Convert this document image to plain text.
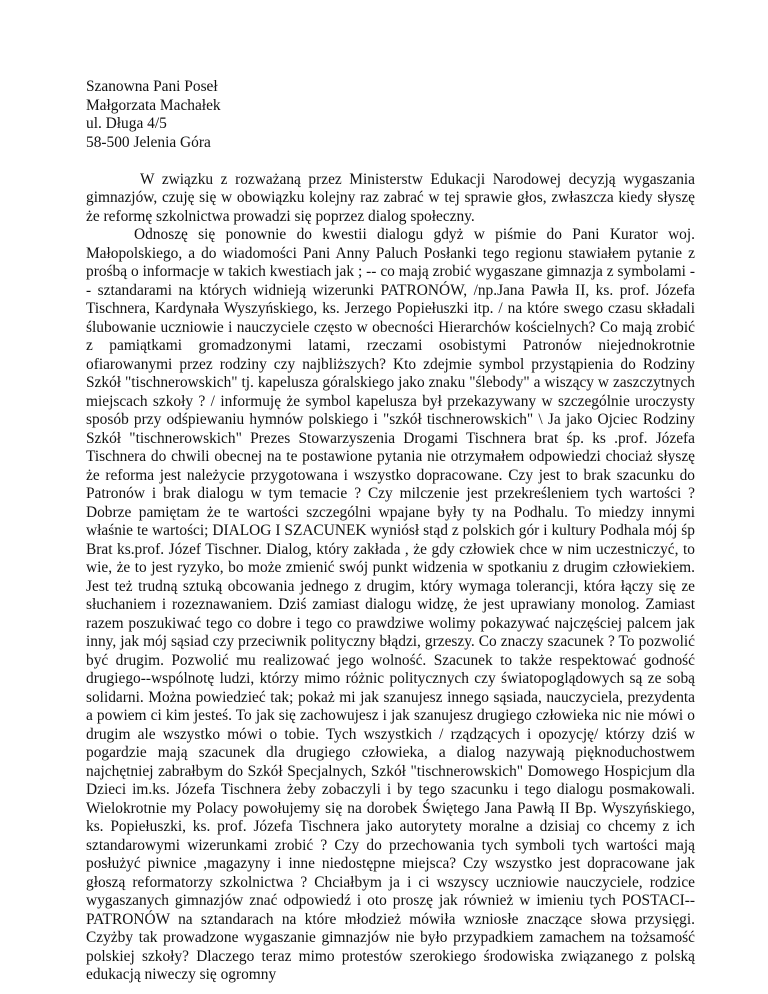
Szanowna Pani Poseł
Małgorzata Machałek
ul. Długa 4/5
58-500 Jelenia Góra

W związku z rozważaną przez Ministerstw Edukacji Narodowej decyzją wygaszania gimnazjów, czuję się w obowiązku kolejny raz zabrać w tej sprawie głos, zwłaszcza kiedy słyszę że reformę szkolnictwa prowadzi się poprzez dialog społeczny.

Odnoszę się ponownie do kwestii dialogu gdyż w piśmie do Pani Kurator woj. Małopolskiego, a do wiadomości Pani Anny Paluch Posłanki tego regionu stawiałem pytanie z prośbą o informacje w takich kwestiach jak ; -- co mają zrobić wygaszane gimnazja z symbolami -- sztandarami na których widnieją wizerunki PATRONÓW, /np.Jana Pawła II, ks. prof. Józefa Tischnera, Kardynała Wyszyńskiego, ks. Jerzego Popiełuszki itp. / na które swego czasu składali ślubowanie uczniowie i nauczyciele często w obecności Hierarchów kościelnych? Co mają zrobić z pamiątkami gromadzonymi latami, rzeczami osobistymi Patronów niejednokrotnie ofiarowanymi przez rodziny czy najbliższych? Kto zdejmie symbol przystąpienia do Rodziny Szkół "tischnerowskich" tj. kapelusza góralskiego jako znaku "ślebody" a wiszący w zaszczytnych miejscach szkoły ? / informuję że symbol kapelusza był przekazywany w szczególnie uroczysty sposób przy odśpiewaniu hymnów polskiego i "szkół tischnerowskich" \ Ja jako Ojciec Rodziny Szkół "tischnerowskich" Prezes Stowarzyszenia Drogami Tischnera brat śp. ks .prof. Józefa Tischnera do chwili obecnej na te postawione pytania nie otrzymałem odpowiedzi chociaż słyszę że reforma jest należycie przygotowana i wszystko dopracowane. Czy jest to brak szacunku do Patronów i brak dialogu w tym temacie ? Czy milczenie jest przekreśleniem tych wartości ? Dobrze pamiętam że te wartości szczególni wpajane były ty na Podhalu. To miedzy innymi właśnie te wartości; DIALOG I SZACUNEK wyniósł stąd z polskich gór i kultury Podhala mój śp Brat ks.prof. Józef Tischner. Dialog, który zakłada , że gdy człowiek chce w nim uczestniczyć, to wie, że to jest ryzyko, bo może zmienić swój punkt widzenia w spotkaniu z drugim człowiekiem. Jest też trudną sztuką obcowania jednego z drugim, który wymaga tolerancji, która łączy się ze słuchaniem i rozeznawaniem. Dziś zamiast dialogu widzę, że jest uprawiany monolog. Zamiast razem poszukiwać tego co dobre i tego co prawdziwe wolimy pokazywać najczęściej palcem jak inny, jak mój sąsiad czy przeciwnik polityczny błądzi, grzeszy. Co znaczy szacunek ? To pozwolić być drugim. Pozwolić mu realizować jego wolność. Szacunek to także respektować godność drugiego--wspólnotę ludzi, którzy mimo różnic politycznych czy światopoglądowych są ze sobą solidarni. Można powiedzieć tak; pokaż mi jak szanujesz innego sąsiada, nauczyciela, prezydenta a powiem ci kim jesteś. To jak się zachowujesz i jak szanujesz drugiego człowieka nic nie mówi o drugim ale wszystko mówi o tobie. Tych wszystkich / rządzących i opozycję/ którzy dziś w pogardzie mają szacunek dla drugiego człowieka, a dialog nazywają pięknoduchostwem najchętniej zabrałbym do Szkół Specjalnych, Szkół "tischnerowskich" Domowego Hospicjum dla Dzieci im.ks. Józefa Tischnera żeby zobaczyli i by tego szacunku i tego dialogu posmakowali. Wielokrotnie my Polacy powołujemy się na dorobek Świętego Jana Pawłą II Bp. Wyszyńskiego, ks. Popiełuszki, ks. prof. Józefa Tischnera jako autorytety moralne a dzisiaj co chcemy z ich sztandarowymi wizerunkami zrobić ? Czy do przechowania tych symboli tych wartości mają posłużyć piwnice ,magazyny i inne niedostępne miejsca? Czy wszystko jest dopracowane jak głoszą reformatorzy szkolnictwa ? Chciałbym ja i ci wszyscy uczniowie nauczyciele, rodzice wygaszanych gimnazjów znać odpowiedź i oto proszę jak również w imieniu tych POSTACI-- PATRONÓW na sztandarach na które młodzież mówiła wzniosłe znaczące słowa przysięgi. Czyżby tak prowadzone wygaszanie gimnazjów nie było przypadkiem zamachem na tożsamość polskiej szkoły? Dlaczego teraz mimo protestów szerokiego środowiska związanego z polską edukacją niweczy się ogromny
